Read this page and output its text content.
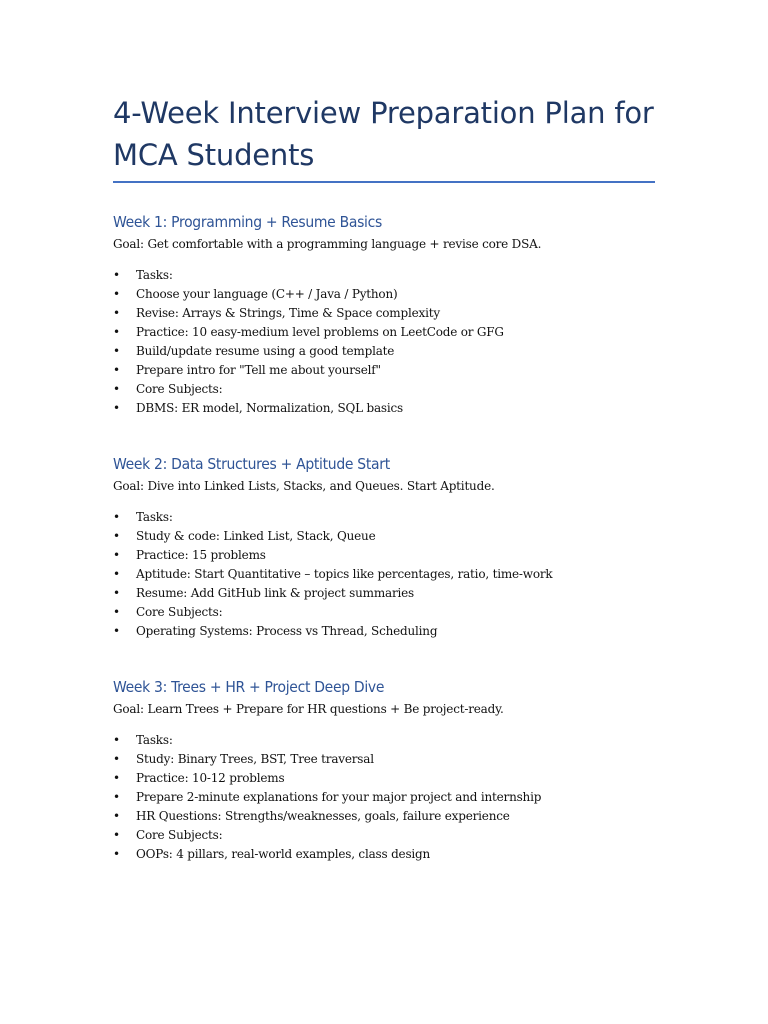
4-Week Interview Preparation Plan for
MCA Students
Week 1: Programming + Resume Basics

Goal: Get comfortable with a programming language + revise core DSA.

• Tasks:
• Choose your language (C++ / Java / Python)
• Revise: Arrays & Strings, Time & Space complexity
• Practice: 10 easy-medium level problems on LeetCode or GFG
• Build/update resume using a good template
• Prepare intro for "Tell me about yourself"
• Core Subjects:
• DBMS: ER model, Normalization, SQL basics
Week 2: Data Structures + Aptitude Start

Goal: Dive into Linked Lists, Stacks, and Queues. Start Aptitude.

• Tasks:
• Study & code: Linked List, Stack, Queue
• Practice: 15 problems
• Aptitude: Start Quantitative – topics like percentages, ratio, time-work
• Resume: Add GitHub link & project summaries
• Core Subjects:
• Operating Systems: Process vs Thread, Scheduling
Week 3: Trees + HR + Project Deep Dive

Goal: Learn Trees + Prepare for HR questions + Be project-ready.

• Tasks:
• Study: Binary Trees, BST, Tree traversal
• Practice: 10-12 problems
• Prepare 2-minute explanations for your major project and internship
• HR Questions: Strengths/weaknesses, goals, failure experience
• Core Subjects:
• OOPs: 4 pillars, real-world examples, class design
